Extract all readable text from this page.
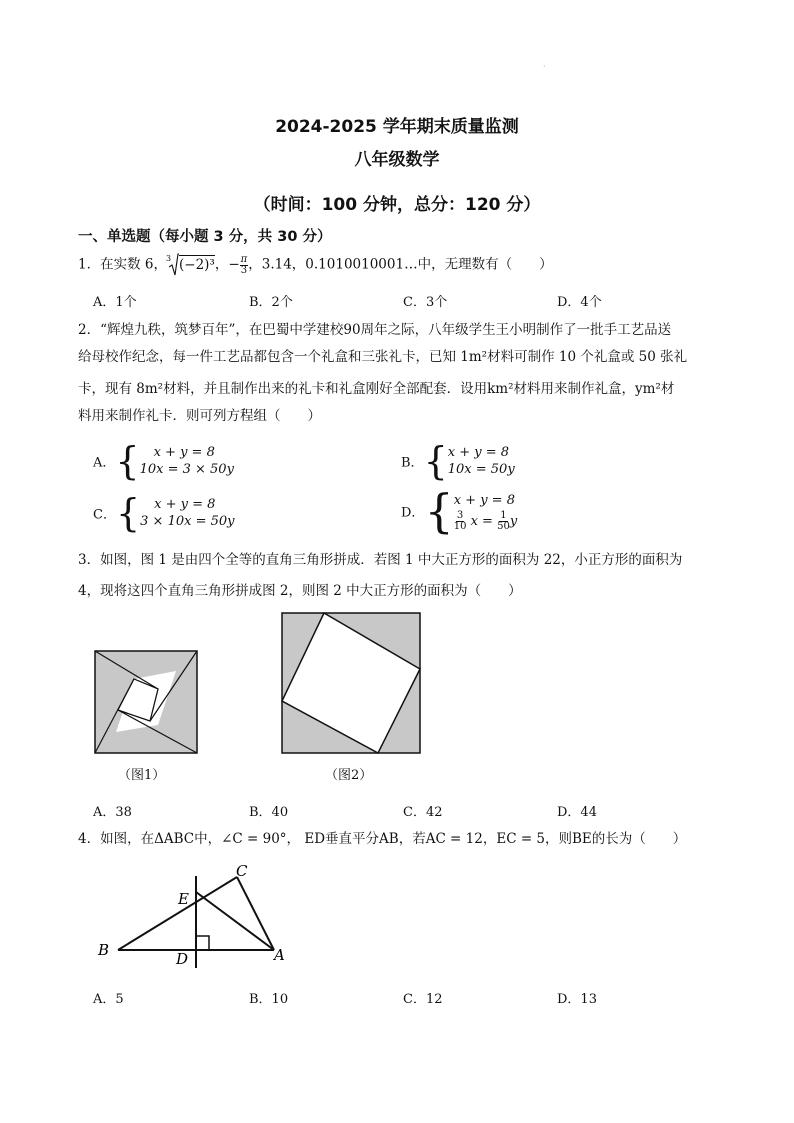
·
2024-2025 学年期末质量监测
八年级数学
（时间：100 分钟，总分：120 分）
一、单选题（每小题 3 分，共 30 分）
1．在实数 6， 3 (−2)³，− $\frac{\pi}{3}$ ，3.14，0.1010010001…中，无理数有（　　）
A．1个	B．2个	C．3个	D．4个
2．“辉煌九秩，筑梦百年”，在巴蜀中学建校90周年之际，八年级学生王小明制作了一批手工艺品送
给母校作纪念，每一件工艺品都包含一个礼盒和三张礼卡，已知 1m²材料可制作 10 个礼盒或 50 张礼
卡，现有 8m²材料，并且制作出来的礼卡和礼盒刚好全部配套．设用km²材料用来制作礼盒，ym²材
料用来制作礼卡．则可列方程组（　　）
A． {	x + y = 8
10x = 3 × 50y	B． { x + y = 8
10x = 50y
C． {	x + y = 8
3 × 10x = 50y
D． { x + y = 8
$\frac{3}{10}$ $x = \frac{1}{50}$ y
3．如图，图 1 是由四个全等的直角三角形拼成．若图 1 中大正方形的面积为 22，小正方形的面积为
4，现将这四个直角三角形拼成图 2，则图 2 中大正方形的面积为（　　）
（图1）	（图2）
A．38	B．40	C．42	D．44
4．如图，在ΔABC中，∠C = 90°， ED垂直平分AB，若AC = 12，EC = 5，则BE的长为（　　）
B	D	A
E
C
A．5	B．10	C．12	D．13
